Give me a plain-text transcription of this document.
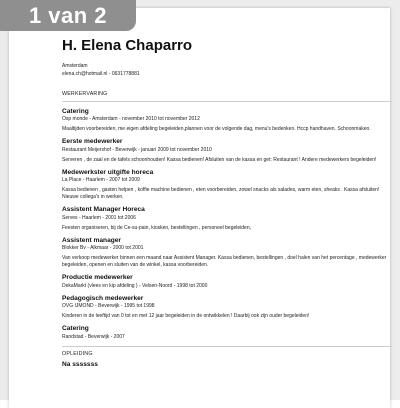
1 van 2
H. Elena Chaparro
Amsterdam
elena.ch@hotmail.nl - 0631778881
WERKERVARING
Catering
Osp monde - Amsterdam - november 2010 tot november 2012
Maaltijden voorbereiden, me eigen afdeling begeleiden,plannen voor de volgende dag, menu's bedenken. Hccp handhaven. Schoonmaken.
Eerste medewerker
Restaurant Meijershof - Beverwijk - januari 2009 tot november 2010
Serveren , de zaal en de tafels schoonhouden! Kassa bedienen! Afsluiten van de kassa en get: Restaurant ! Andere medewerkers begeleiden!
Medewerkster uitgifte horeca
La Place - Haarlem - 2007 tot 2009
Kassa bedienen , gasten helpen , koffie machine bedienen , eten voorbereiden, zowel snacks als salades, warm eten, sheaks . Kassa afsluiten! Nieuwe collega's in werken.
Assistent Manager Horeca
Serves - Haarlem - 2001 tot 2006
Feesten organiseren, bij de Ce-su-pain, kiosken, bestellingen , personeel begeleiden,
Assistent manager
Blokker Bv - Alkmaar - 2000 tot 2001
Van verkoop medewerker binnen een maand naar Assistent Manager. Kassa bedienen, bestellingen , doel halen van het percentage , medewerker begeleiden, openen en sluiten van de winkel, kassa voorbereiden.
Productie medewerker
DekaMarkt (vlees en kip afdeling ) - Velsen-Noord - 1998 tot 2000
Pedagogisch medewerker
OVG IJMOND - Beverwijk - 1995 tot 1998
Kinderen in de leeftijd van 0 tot en met 12 jaar begeleiden in de ontwikkelen ! Daarbij ook zijn ouder begeleiden!
Catering
Randstad - Beverwijk - 2007
OPLEIDING
Na sssssss
